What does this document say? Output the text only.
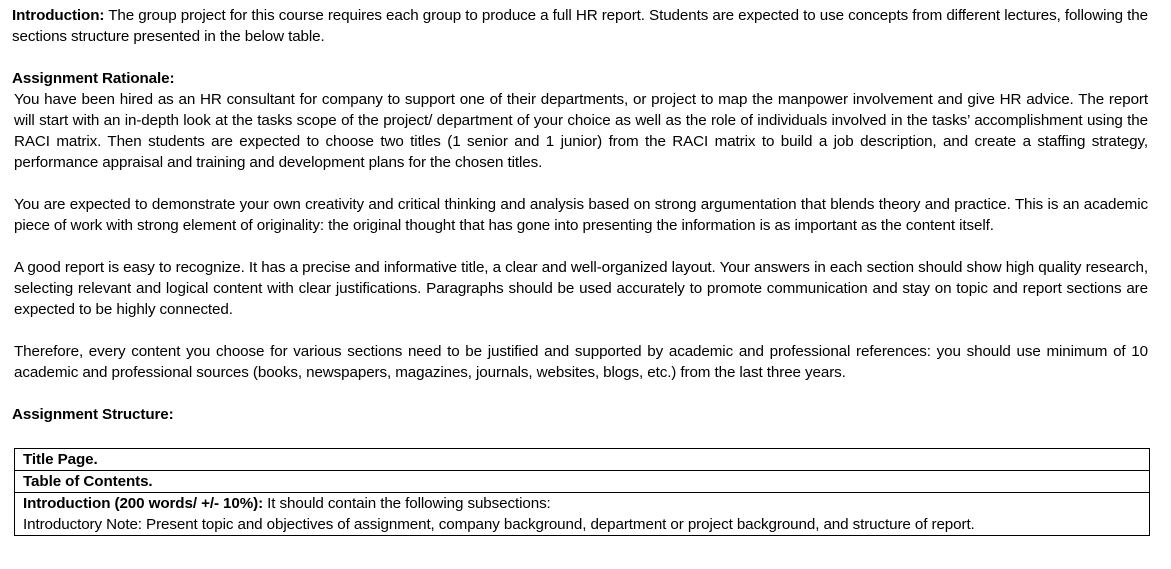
Introduction: The group project for this course requires each group to produce a full HR report. Students are expected to use concepts from different lectures, following the sections structure presented in the below table.

Assignment Rationale:

You have been hired as an HR consultant for company to support one of their departments, or project to map the manpower involvement and give HR advice. The report will start with an in-depth look at the tasks scope of the project/ department of your choice as well as the role of individuals involved in the tasks’ accomplishment using the RACI matrix. Then students are expected to choose two titles (1 senior and 1 junior) from the RACI matrix to build a job description, and create a staffing strategy, performance appraisal and training and development plans for the chosen titles.

You are expected to demonstrate your own creativity and critical thinking and analysis based on strong argumentation that blends theory and practice. This is an academic piece of work with strong element of originality: the original thought that has gone into presenting the information is as important as the content itself.

A good report is easy to recognize. It has a precise and informative title, a clear and well-organized layout. Your answers in each section should show high quality research, selecting relevant and logical content with clear justifications. Paragraphs should be used accurately to promote communication and stay on topic and report sections are expected to be highly connected.

Therefore, every content you choose for various sections need to be justified and supported by academic and professional references: you should use minimum of 10 academic and professional sources (books, newspapers, magazines, journals, websites, blogs, etc.) from the last three years.

Assignment Structure:

Title Page.
Table of Contents.

Introduction (200 words/ +/- 10%): It should contain the following subsections:
Introductory Note: Present topic and objectives of assignment, company background, department or project background, and structure of report.
